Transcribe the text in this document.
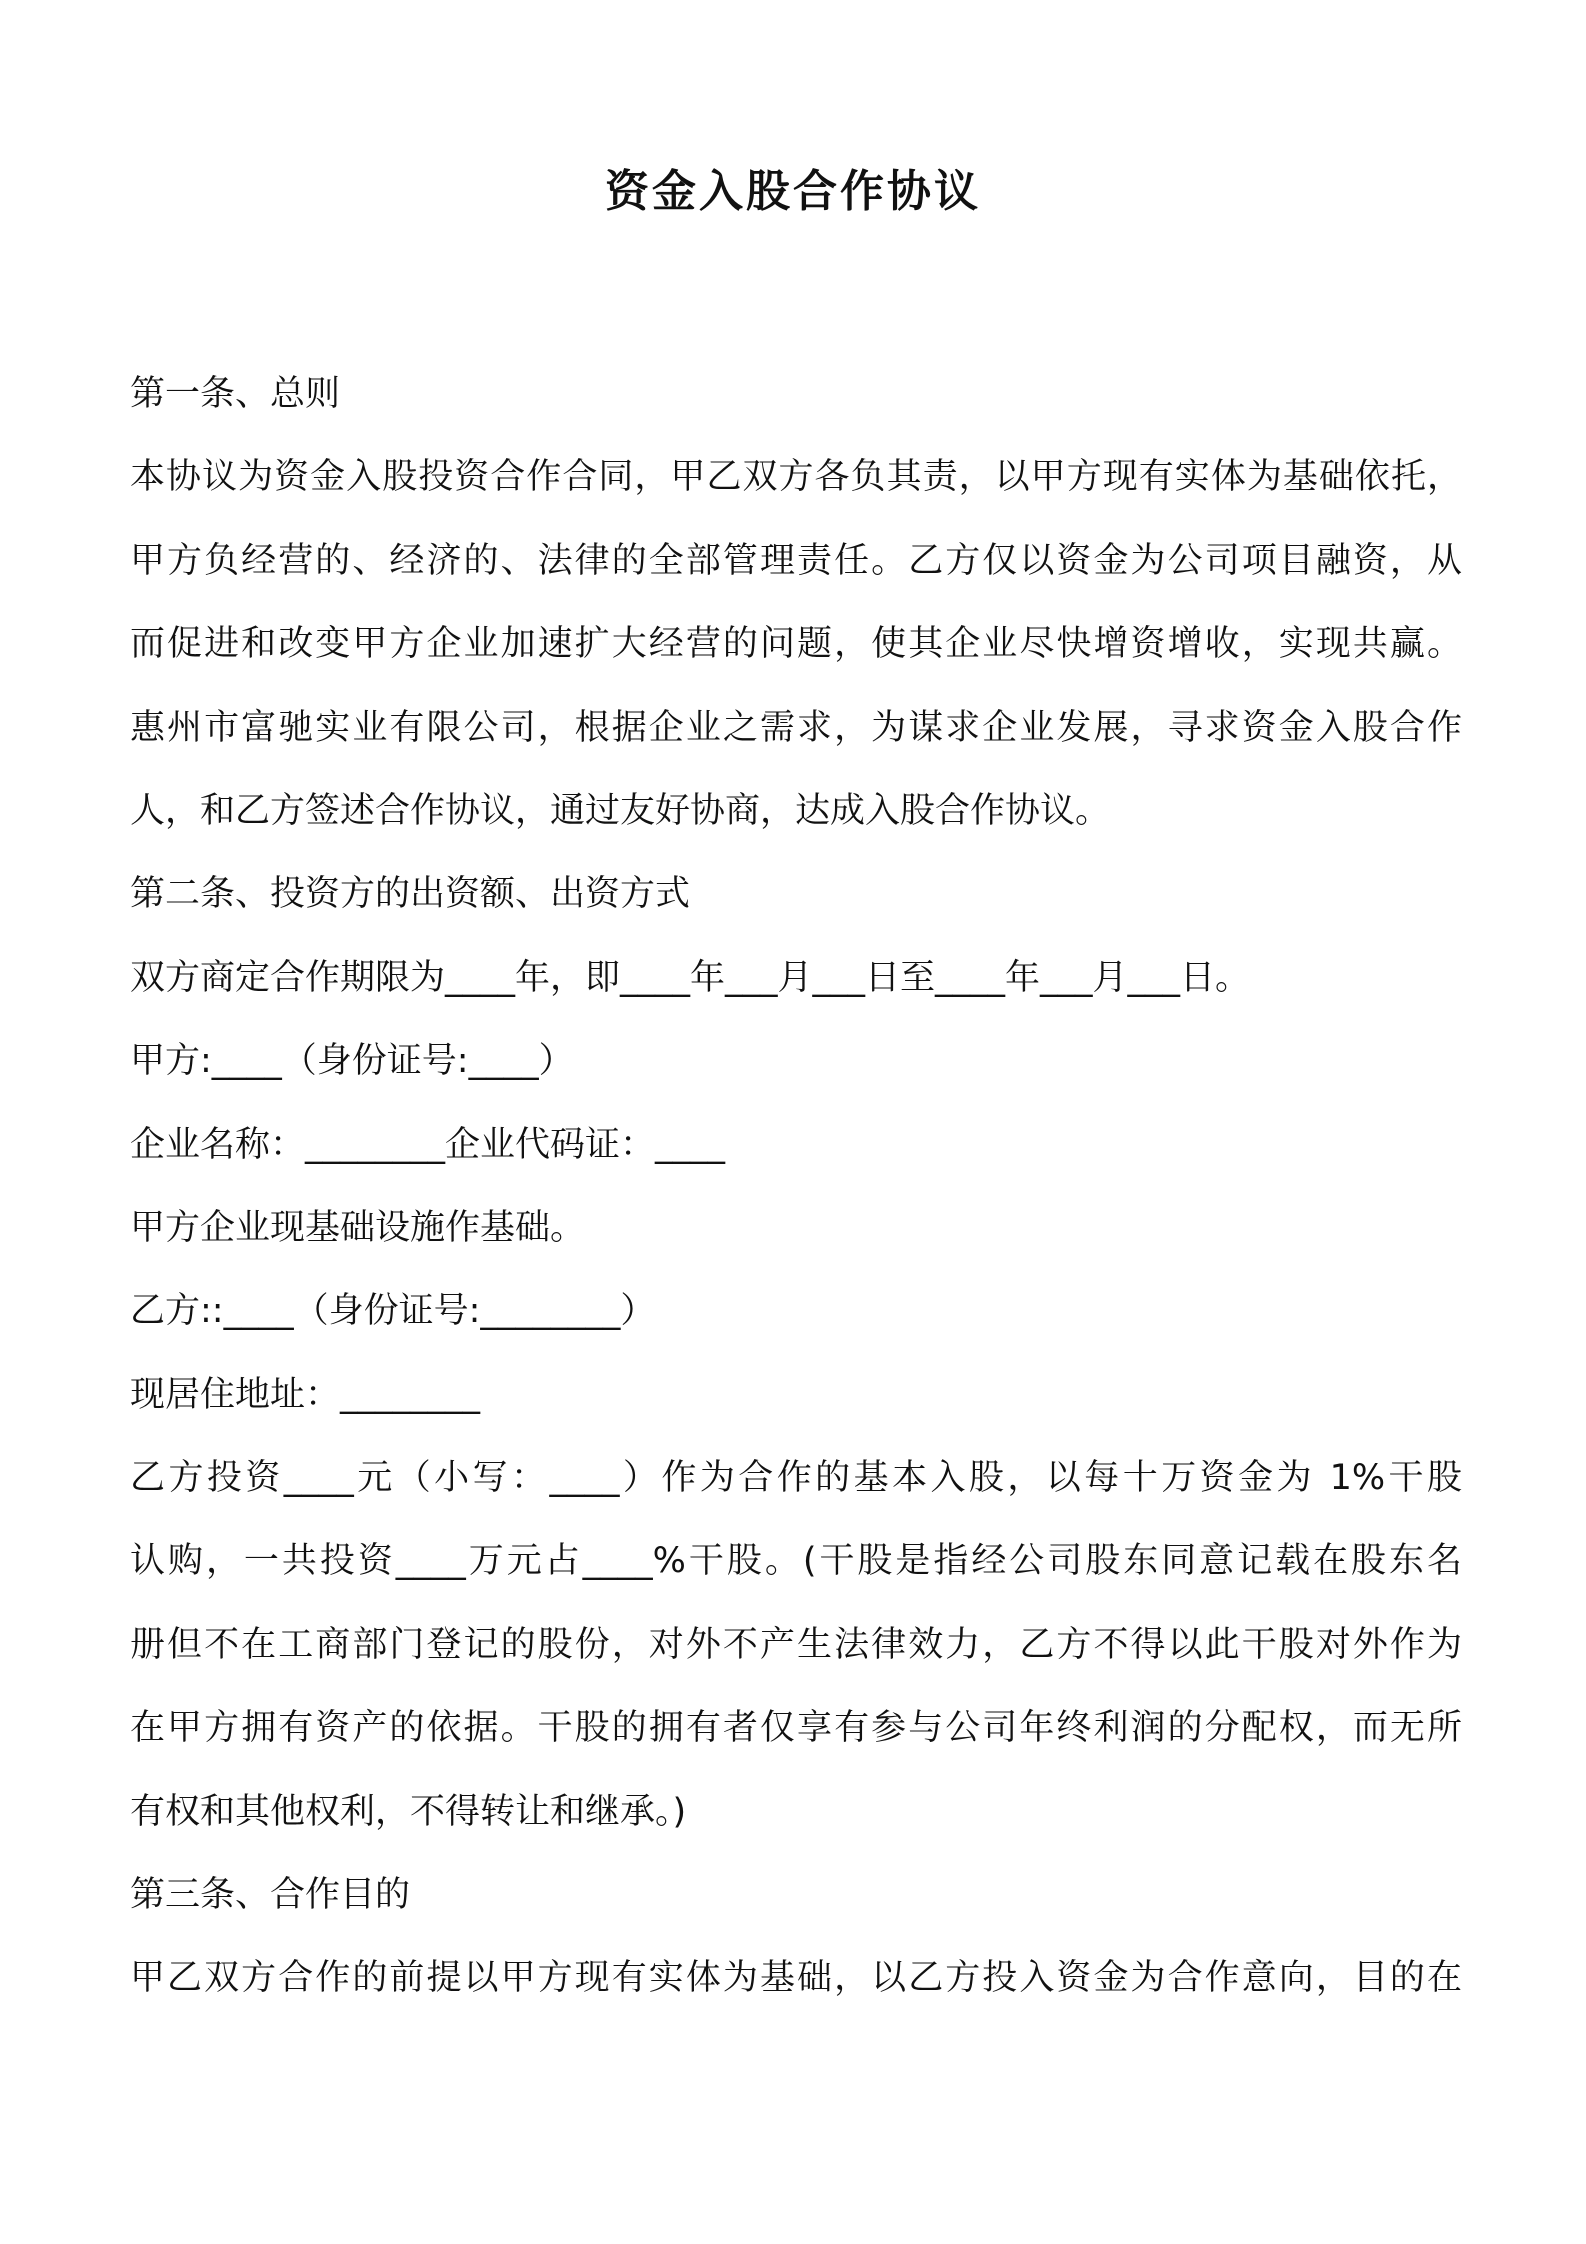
资金入股合作协议

第一条、总则

本协议为资金入股投资合作合同，甲乙双方各负其责，以甲方现有实体为基础依托，

甲方负经营的、经济的、法律的全部管理责任。乙方仅以资金为公司项目融资，从

而促进和改变甲方企业加速扩大经营的问题，使其企业尽快增资增收，实现共赢。

惠州市富驰实业有限公司，根据企业之需求，为谋求企业发展，寻求资金入股合作

人，和乙方签述合作协议，通过友好协商，达成入股合作协议。

第二条、投资方的出资额、出资方式

双方商定合作期限为____年，即____年___月___日至____年___月___日。

甲方:____（身份证号:____）

企业名称：________企业代码证：____

甲方企业现基础设施作基础。

乙方::____（身份证号:________）

现居住地址：________

乙方投资____元（小写：____）作为合作的基本入股，以每十万资金为 1%干股

认购，一共投资____万元占____%干股。(干股是指经公司股东同意记载在股东名

册但不在工商部门登记的股份，对外不产生法律效力，乙方不得以此干股对外作为

在甲方拥有资产的依据。干股的拥有者仅享有参与公司年终利润的分配权，而无所

有权和其他权利，不得转让和继承。)

第三条、合作目的

甲乙双方合作的前提以甲方现有实体为基础，以乙方投入资金为合作意向，目的在
